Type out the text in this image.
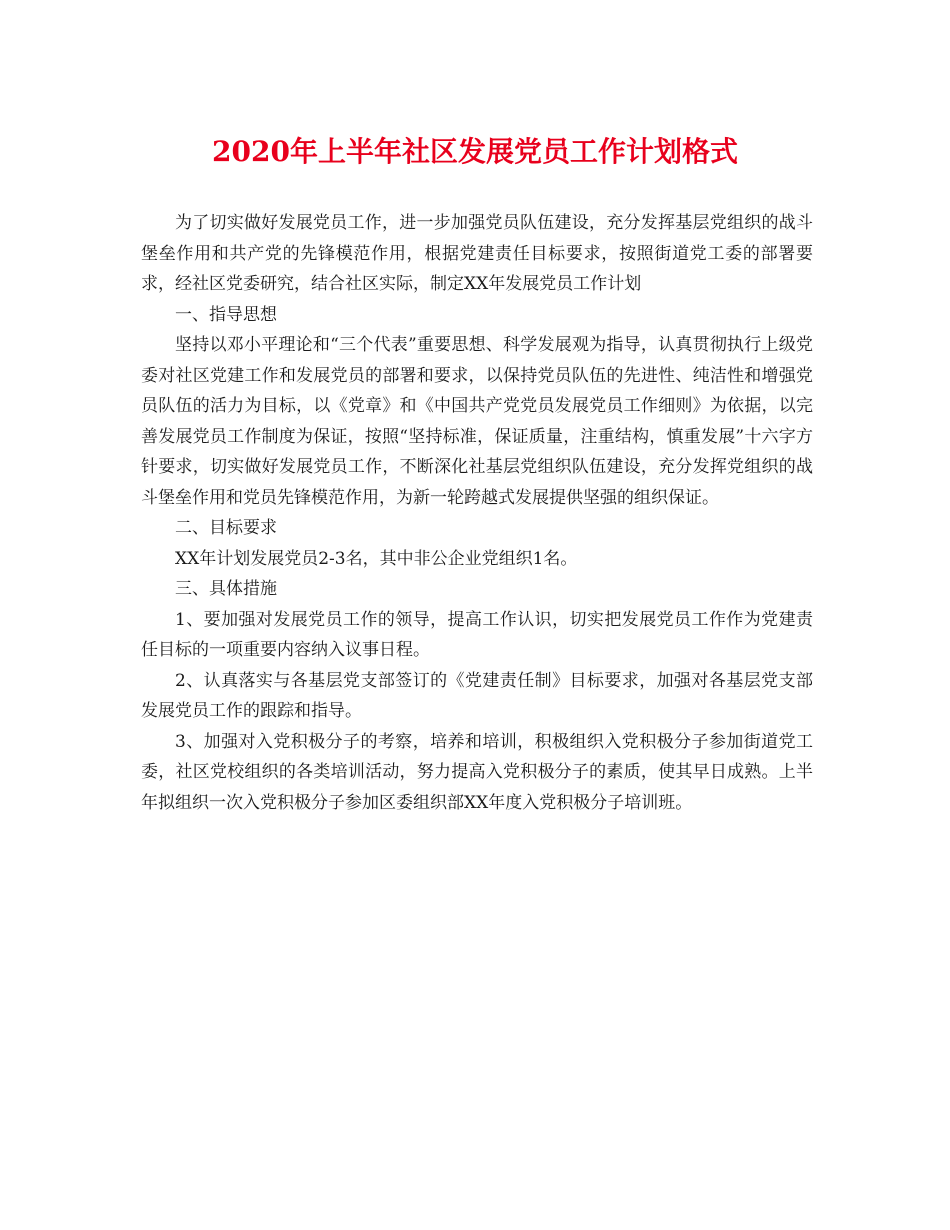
2020年上半年社区发展党员工作计划格式

为了切实做好发展党员工作，进一步加强党员队伍建设，充分发挥基层党组织的战斗堡垒作用和共产党的先锋模范作用，根据党建责任目标要求，按照街道党工委的部署要求，经社区党委研究，结合社区实际，制定XX年发展党员工作计划

一、指导思想

坚持以邓小平理论和“三个代表”重要思想、科学发展观为指导，认真贯彻执行上级党委对社区党建工作和发展党员的部署和要求，以保持党员队伍的先进性、纯洁性和增强党员队伍的活力为目标，以《党章》和《中国共产党党员发展党员工作细则》为依据，以完善发展党员工作制度为保证，按照“坚持标准，保证质量，注重结构，慎重发展”十六字方针要求，切实做好发展党员工作，不断深化社基层党组织队伍建设，充分发挥党组织的战斗堡垒作用和党员先锋模范作用，为新一轮跨越式发展提供坚强的组织保证。

二、目标要求

XX年计划发展党员2-3名，其中非公企业党组织1名。

三、具体措施

1、要加强对发展党员工作的领导，提高工作认识，切实把发展党员工作作为党建责任目标的一项重要内容纳入议事日程。

2、认真落实与各基层党支部签订的《党建责任制》目标要求，加强对各基层党支部发展党员工作的跟踪和指导。

3、加强对入党积极分子的考察，培养和培训，积极组织入党积极分子参加街道党工委，社区党校组织的各类培训活动，努力提高入党积极分子的素质，使其早日成熟。上半年拟组织一次入党积极分子参加区委组织部XX年度入党积极分子培训班。
